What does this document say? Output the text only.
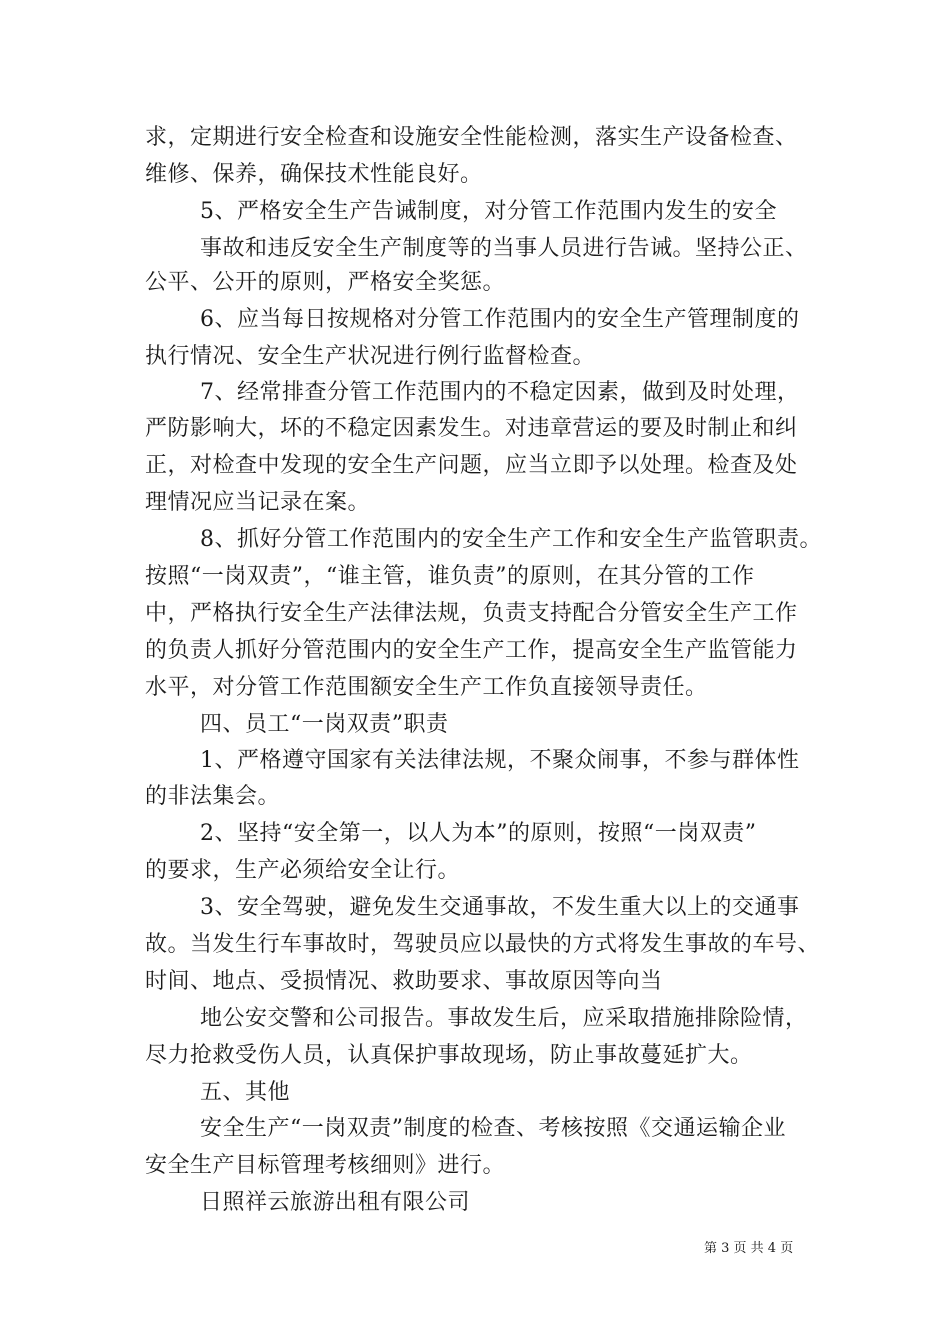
求，定期进行安全检查和设施安全性能检测，落实生产设备检查、
维修、保养，确保技术性能良好。
5、严格安全生产告诫制度，对分管工作范围内发生的安全
事故和违反安全生产制度等的当事人员进行告诫。坚持公正、
公平、公开的原则，严格安全奖惩。
6、应当每日按规格对分管工作范围内的安全生产管理制度的
执行情况、安全生产状况进行例行监督检查。
7、经常排查分管工作范围内的不稳定因素，做到及时处理，
严防影响大，坏的不稳定因素发生。对违章营运的要及时制止和纠
正，对检查中发现的安全生产问题，应当立即予以处理。检查及处
理情况应当记录在案。
8、抓好分管工作范围内的安全生产工作和安全生产监管职责。
按照“一岗双责”，“谁主管，谁负责”的原则，在其分管的工作
中，严格执行安全生产法律法规，负责支持配合分管安全生产工作
的负责人抓好分管范围内的安全生产工作，提高安全生产监管能力
水平，对分管工作范围额安全生产工作负直接领导责任。
四、员工“一岗双责”职责
1、严格遵守国家有关法律法规，不聚众闹事，不参与群体性
的非法集会。
2、坚持“安全第一，以人为本”的原则，按照“一岗双责”
的要求，生产必须给安全让行。
3、安全驾驶，避免发生交通事故，不发生重大以上的交通事
故。当发生行车事故时，驾驶员应以最快的方式将发生事故的车号、
时间、地点、受损情况、救助要求、事故原因等向当
地公安交警和公司报告。事故发生后，应采取措施排除险情，
尽力抢救受伤人员，认真保护事故现场，防止事故蔓延扩大。
五、其他
安全生产“一岗双责”制度的检查、考核按照《交通运输企业
安全生产目标管理考核细则》进行。
日照祥云旅游出租有限公司
第 3 页 共 4 页
